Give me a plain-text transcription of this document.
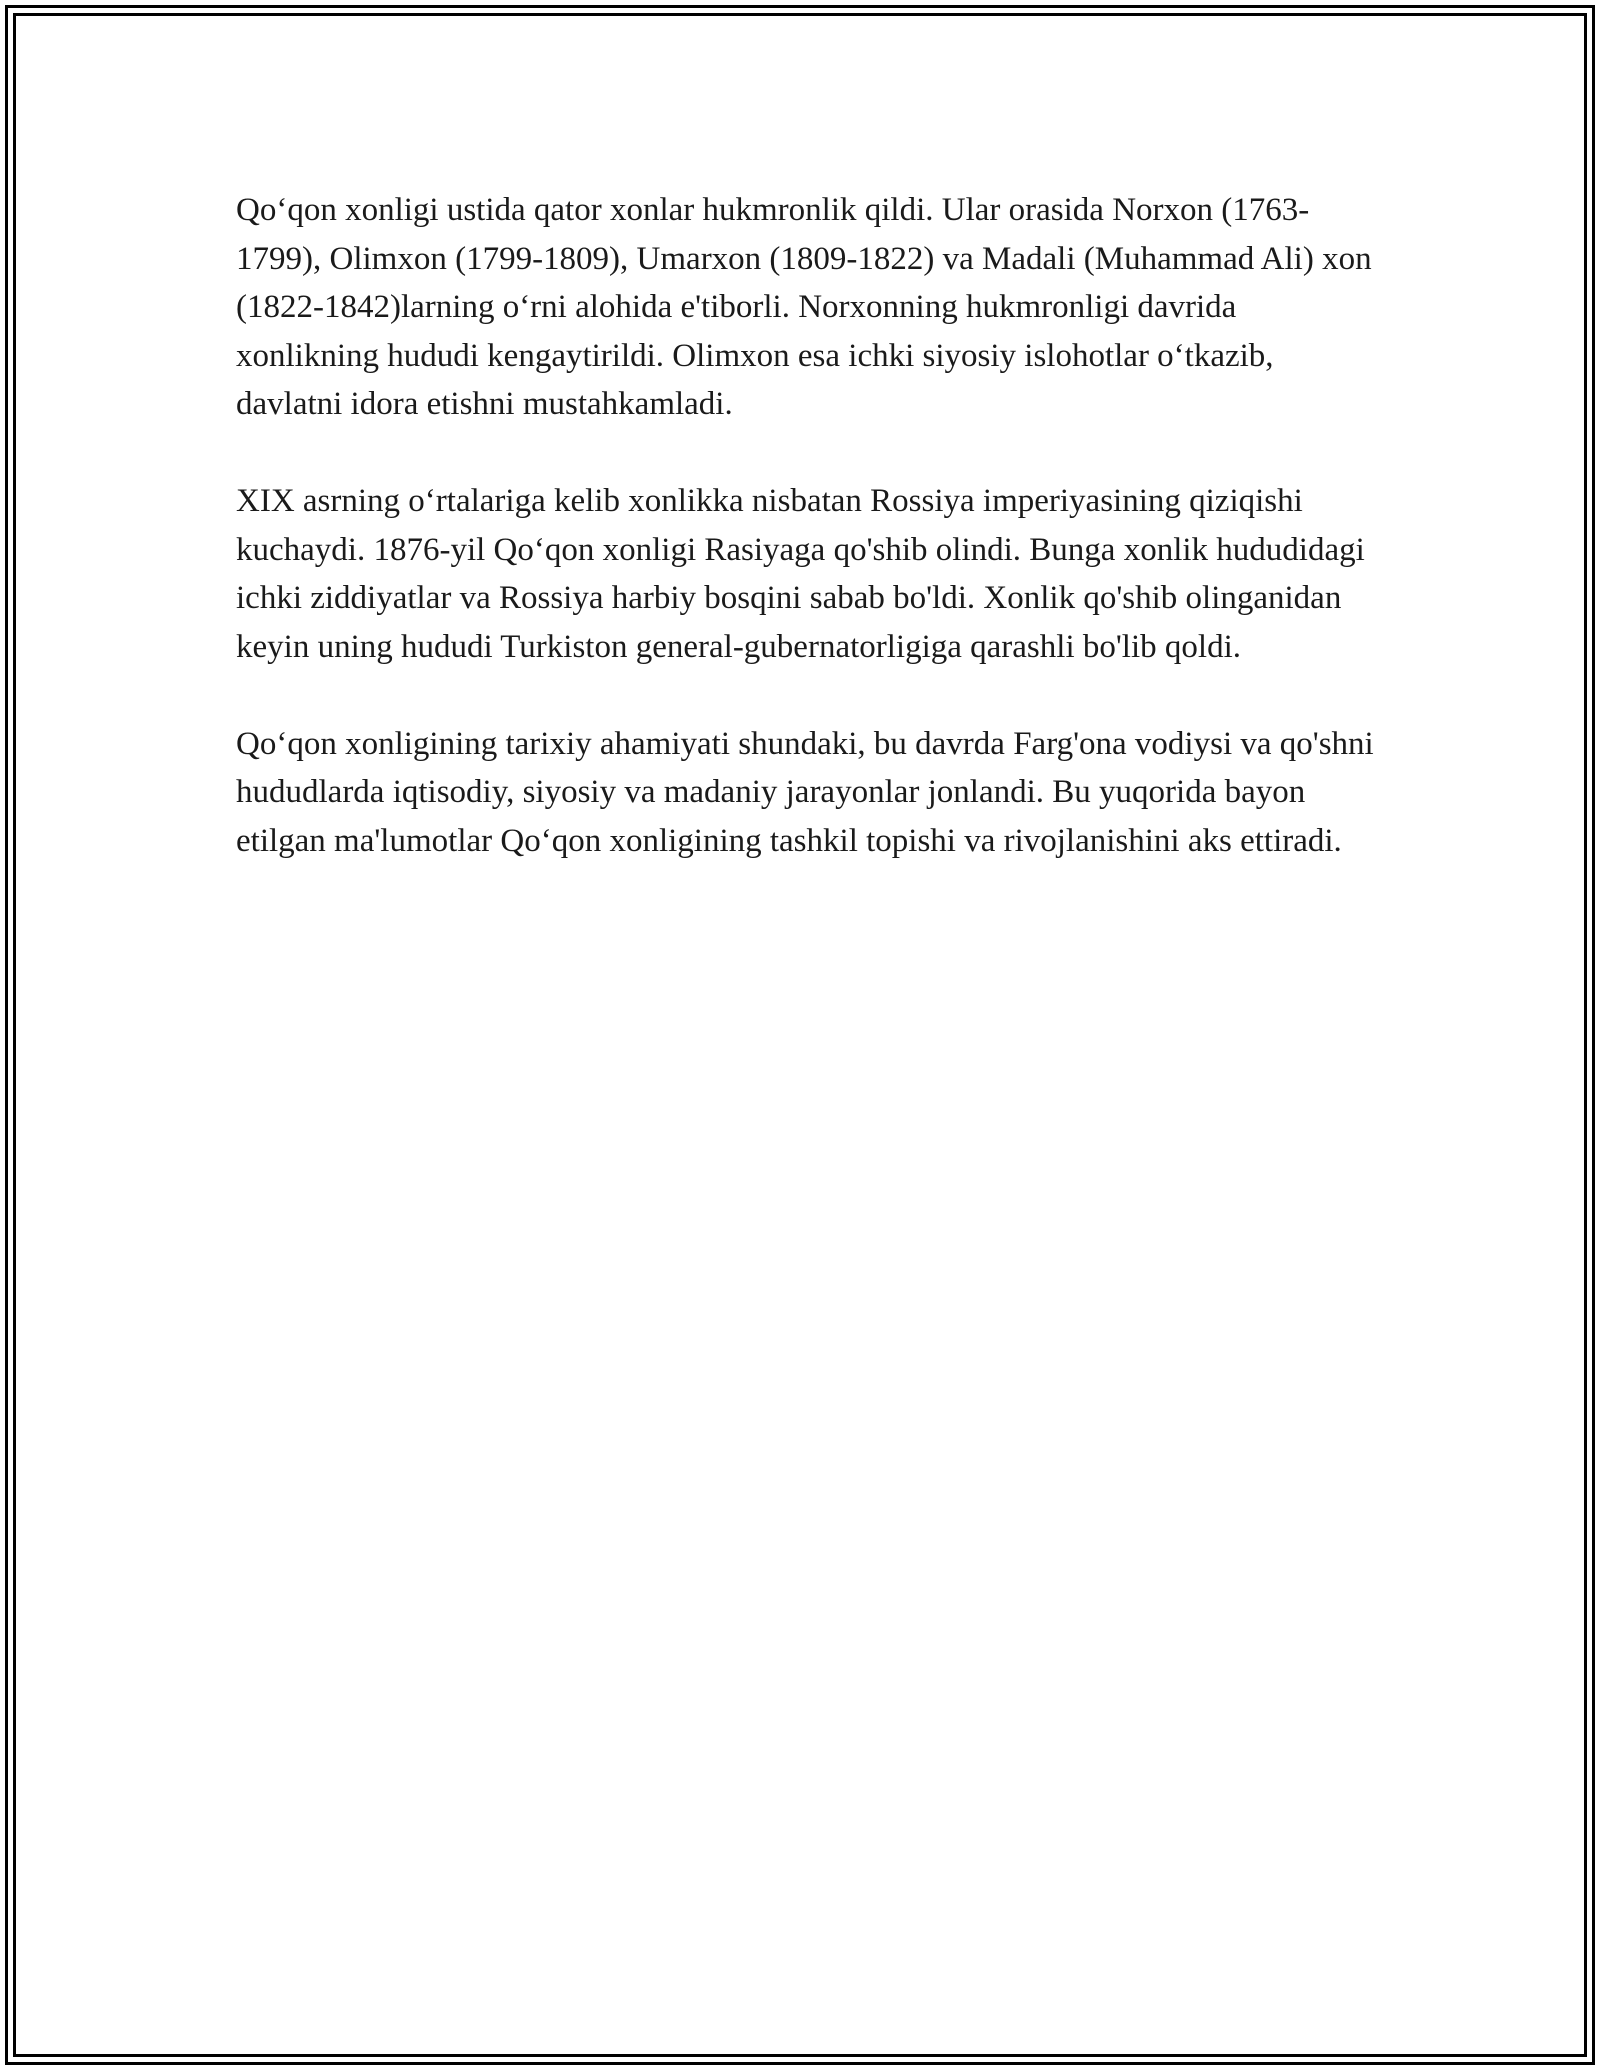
Qo‘qon xonligi ustida qator xonlar hukmronlik qildi. Ular orasida Norxon (1763-1799), Olimxon (1799-1809), Umarxon (1809-1822) va Madali (Muhammad Ali) xon (1822-1842)larning o‘rni alohida e'tiborli. Norxonning hukmronligi davrida xonlikning hududi kengaytirildi. Olimxon esa ichki siyosiy islohotlar o‘tkazib, davlatni idora etishni mustahkamladi.

XIX asrning o‘rtalariga kelib xonlikka nisbatan Rossiya imperiyasining qiziqishi kuchaydi. 1876-yil Qo‘qon xonligi Rasiyaga qo'shib olindi. Bunga xonlik hududidagi ichki ziddiyatlar va Rossiya harbiy bosqini sabab bo'ldi. Xonlik qo'shib olinganidan keyin uning hududi Turkiston general-gubernatorligiga qarashli bo'lib qoldi.

Qo‘qon xonligining tarixiy ahamiyati shundaki, bu davrda Farg'ona vodiysi va qo'shni hududlarda iqtisodiy, siyosiy va madaniy jarayonlar jonlandi. Bu yuqorida bayon etilgan ma'lumotlar Qo‘qon xonligining tashkil topishi va rivojlanishini aks ettiradi.
